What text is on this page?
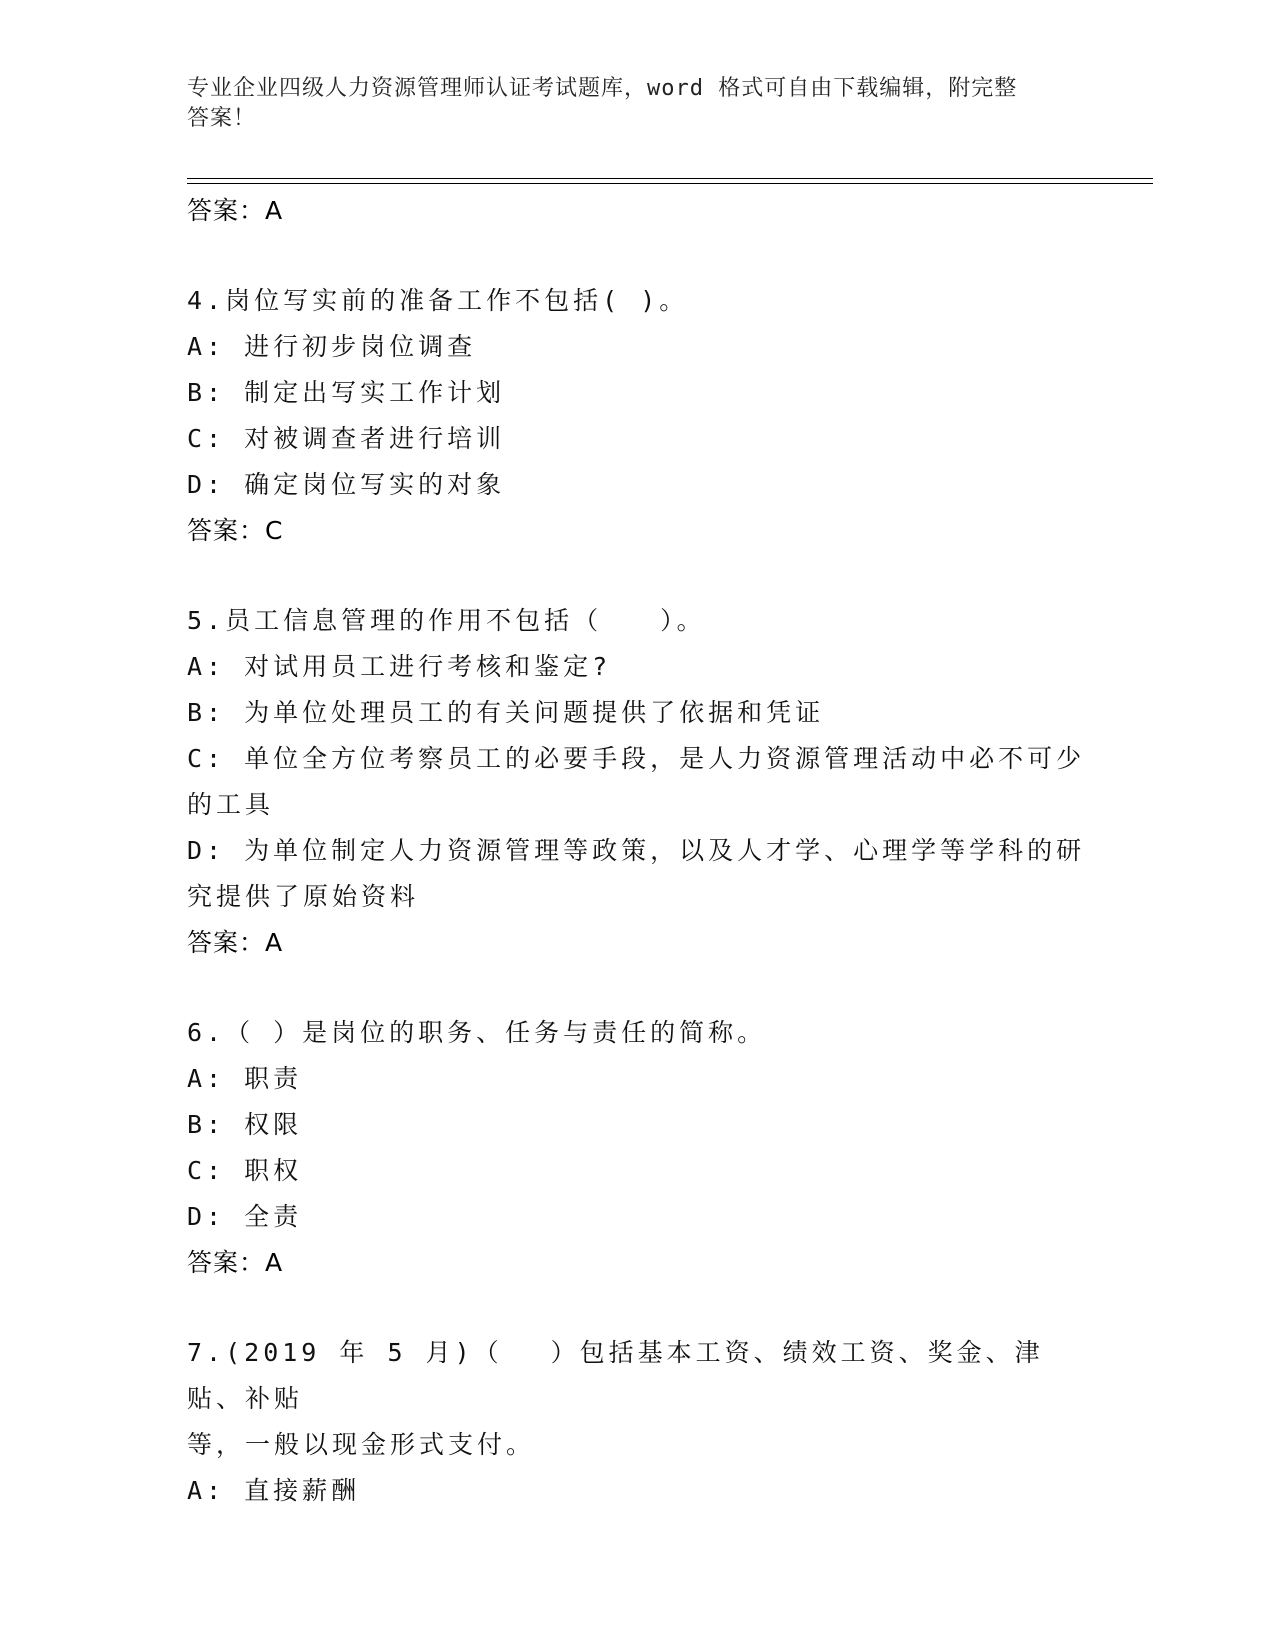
专业企业四级人力资源管理师认证考试题库，word 格式可自由下载编辑，附完整
答案！
答案：A
4.岗位写实前的准备工作不包括( )。
A: 进行初步岗位调查
B: 制定出写实工作计划
C: 对被调查者进行培训
D: 确定岗位写实的对象
答案：C
5.员工信息管理的作用不包括（　　）。
A: 对试用员工进行考核和鉴定?
B: 为单位处理员工的有关问题提供了依据和凭证
C: 单位全方位考察员工的必要手段，是人力资源管理活动中必不可少
的工具
D: 为单位制定人力资源管理等政策，以及人才学、心理学等学科的研
究提供了原始资料
答案：A
6.（ ）是岗位的职务、任务与责任的简称。
A: 职责
B: 权限
C: 职权
D: 全责
答案：A
7.(2019 年 5 月)（　 ）包括基本工资、绩效工资、奖金、津贴、补贴
等，一般以现金形式支付。
A: 直接薪酬
